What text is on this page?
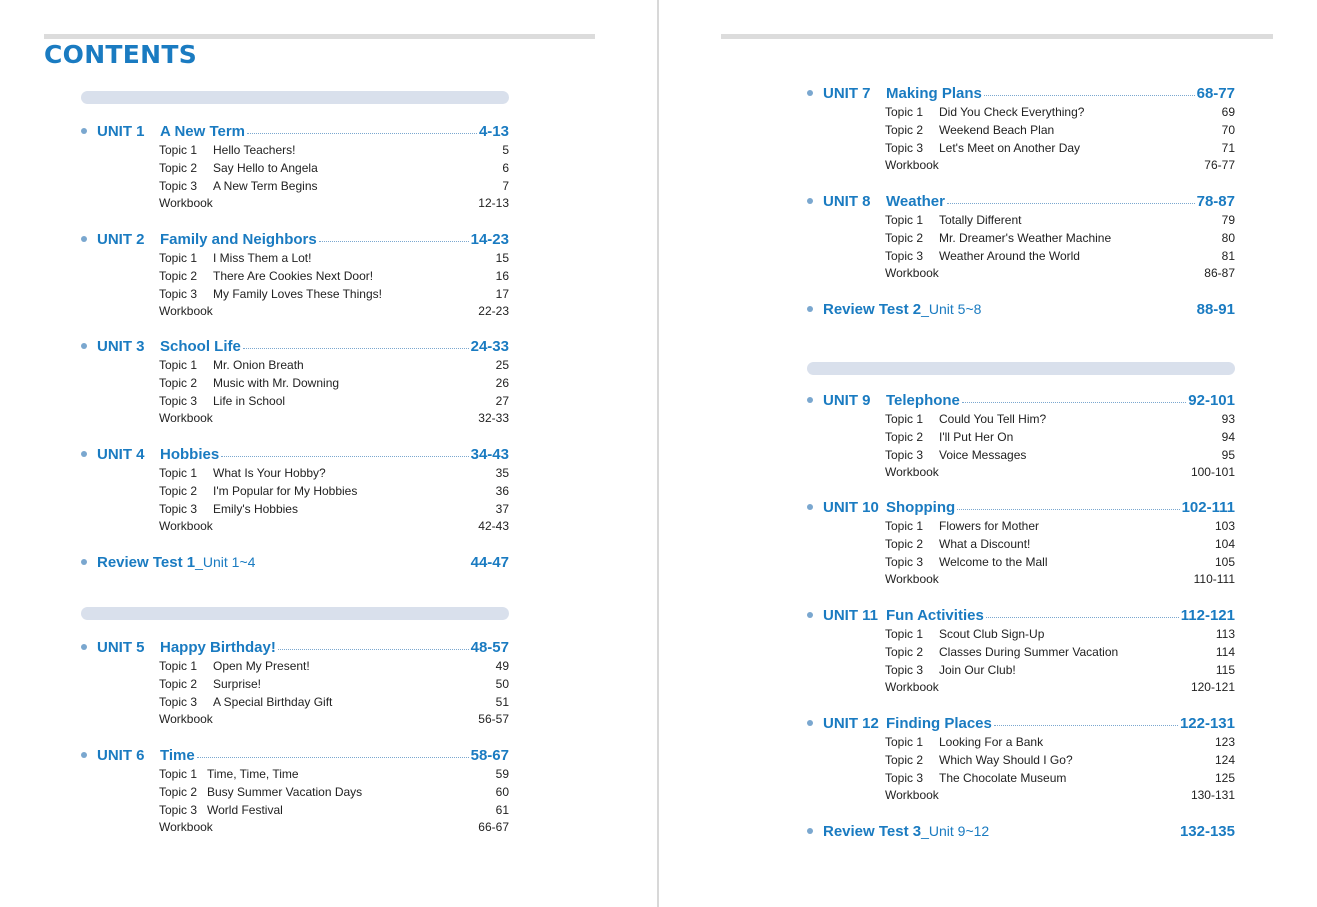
CONTENTS
UNIT 1	A New Term	4-13
Topic 1	Hello Teachers!	5
Topic 2	Say Hello to Angela	6
Topic 3	A New Term Begins	7
Workbook	12-13
UNIT 2	Family and Neighbors	14-23
Topic 1	I Miss Them a Lot!	15
Topic 2	There Are Cookies Next Door!	16
Topic 3	My Family Loves These Things!	17
Workbook	22-23
UNIT 3	School Life	24-33
Topic 1	Mr. Onion Breath	25
Topic 2	Music with Mr. Downing	26
Topic 3	Life in School	27
Workbook	32-33
UNIT 4	Hobbies	34-43
Topic 1	What Is Your Hobby?	35
Topic 2	I'm Popular for My Hobbies	36
Topic 3	Emily's Hobbies	37
Workbook	42-43
Review Test 1_Unit 1~4	44-47
UNIT 5	Happy Birthday!	48-57
Topic 1	Open My Present!	49
Topic 2	Surprise!	50
Topic 3	A Special Birthday Gift	51
Workbook	56-57
UNIT 6	Time	58-67
Topic 1 Time, Time, Time	59
Topic 2 Busy Summer Vacation Days	60
Topic 3 World Festival	61
Workbook	66-67
UNIT 7	Making Plans	68-77
Topic 1	Did You Check Everything?	69
Topic 2	Weekend Beach Plan	70
Topic 3	Let's Meet on Another Day	71
Workbook	76-77
UNIT 8	Weather	78-87
Topic 1	Totally Different	79
Topic 2	Mr. Dreamer's Weather Machine	80
Topic 3	Weather Around the World	81
Workbook	86-87
Review Test 2_Unit 5~8	88-91
UNIT 9	Telephone	92-101
Topic 1	Could You Tell Him?	93
Topic 2	I'll Put Her On	94
Topic 3	Voice Messages	95
Workbook	100-101
UNIT 10 Shopping	102-111
Topic 1	Flowers for Mother	103
Topic 2	What a Discount!	104
Topic 3	Welcome to the Mall	105
Workbook	110-111
UNIT 11 Fun Activities	112-121
Topic 1	Scout Club Sign-Up	113
Topic 2	Classes During Summer Vacation	114
Topic 3	Join Our Club!	115
Workbook	120-121
UNIT 12 Finding Places	122-131
Topic 1	Looking For a Bank	123
Topic 2	Which Way Should I Go?	124
Topic 3	The Chocolate Museum	125
Workbook	130-131
Review Test 3_Unit 9~12	132-135
